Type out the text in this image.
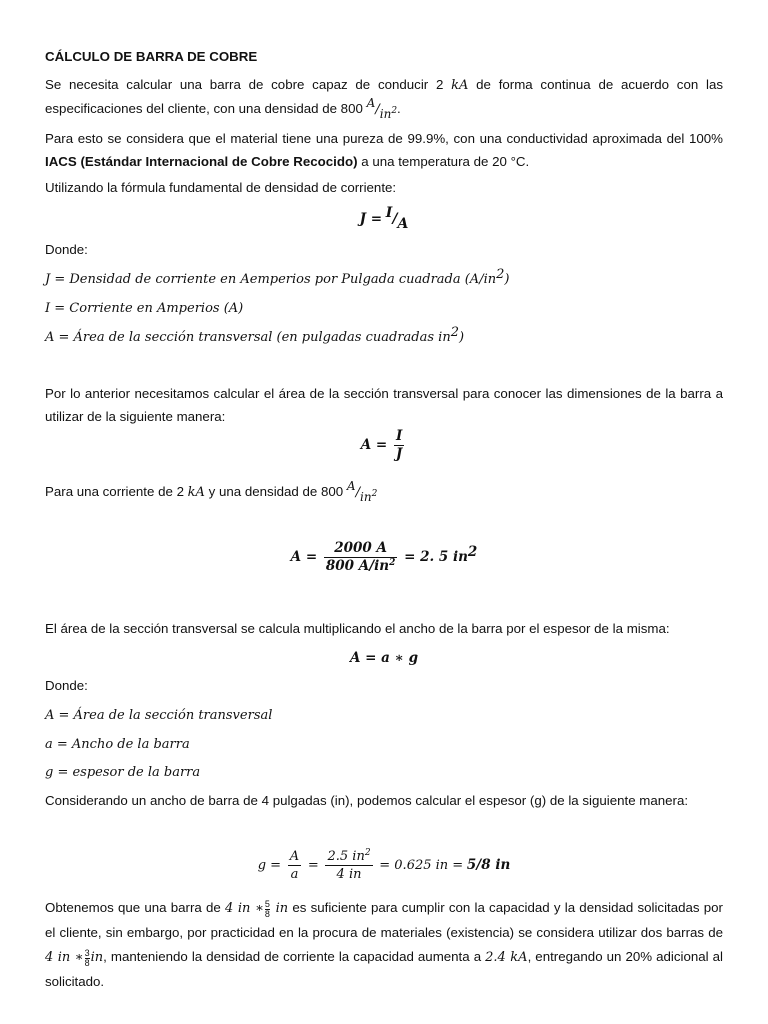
CÁLCULO DE BARRA DE COBRE
Se necesita calcular una barra de cobre capaz de conducir 2 kA de forma continua de acuerdo con las especificaciones del cliente, con una densidad de 800 $A/in^2$.
Para esto se considera que el material tiene una pureza de 99.9%, con una conductividad aproximada del 100% IACS (Estándar Internacional de Cobre Recocido) a una temperatura de 20 °C.
Utilizando la fórmula fundamental de densidad de corriente:
J = I/A
Donde:
J = Densidad de corriente en Aemperios por Pulgada cuadrada $(A/in^2)$
I = Corriente en Amperios (A)
A = Área de la sección transversal (en pulgadas cuadradas $in^2$)
Por lo anterior necesitamos calcular el área de la sección transversal para conocer las dimensiones de la barra a utilizar de la siguiente manera:
$A = \frac{I}{J}$
Para una corriente de 2 kA y una densidad de 800 $A/in^2$
$A = \frac{2000 A}{800 A/in^2} = 2$. 5 $in^2$
El área de la sección transversal se calcula multiplicando el ancho de la barra por el espesor de la misma:
A = a ∗ g
Donde:
A = Área de la sección transversal
a = Ancho de la barra
g = espesor de la barra
Considerando un ancho de barra de 4 pulgadas (in), podemos calcular el espesor (g) de la siguiente manera:
$g = \frac{A}{a} = \frac{2.5 in^2}{4 in} = 0.625$ in = 5/8 in
Obtenemos que una barra de 4 in ∗ $\frac{5}{8}$ in es suficiente para cumplir con la capacidad y la densidad solicitadas por el cliente, sin embargo, por practicidad en la procura de materiales (existencia) se considera utilizar dos barras de 4 in ∗ $\frac{3}{8}$ in, manteniendo la densidad de corriente la capacidad aumenta a 2.4 kA, entregando un 20% adicional al solicitado.
